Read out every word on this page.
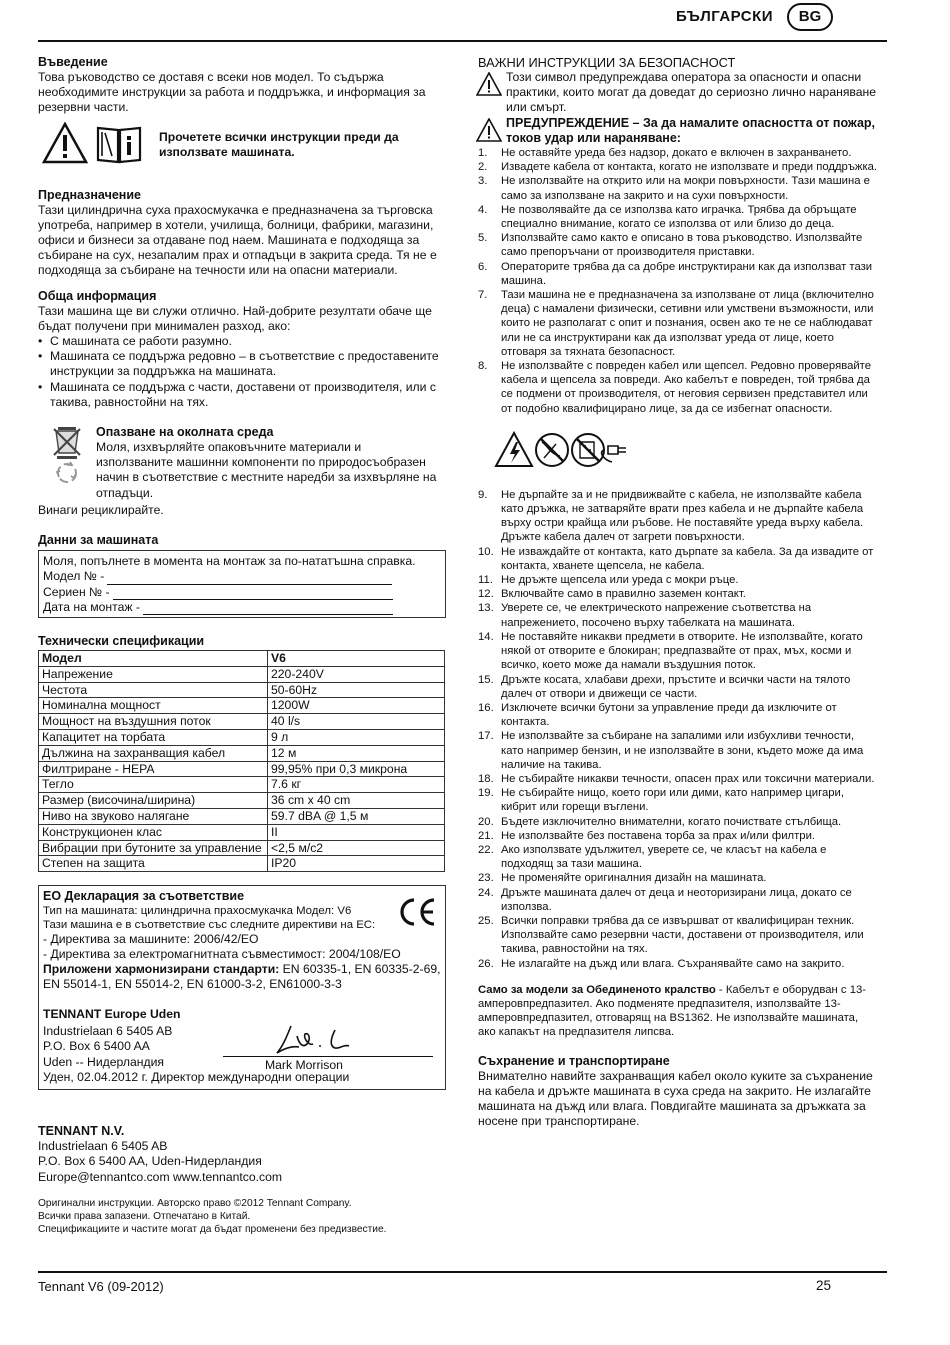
БЪЛГАРСКИ	BG
Въведение

Това ръководство се доставя с всеки нов модел. То съдържа необходимите инструкции за работа и поддръжка, и информация за резервни части.

Прочетете всички инструкции преди да използвате машината.
Предназначение

Тази цилиндрична суха прахосмукачка е предназначена за търговска употреба, например в хотели, училища, болници, фабрики, магазини, офиси и бизнеси за отдаване под наем. Машината е подходяща за събиране на сух, незапалим прах и отпадъци в закрита среда. Тя не е подходяща за събиране на течности или на опасни материали.

Обща информация

Тази машина ще ви служи отлично. Най-добрите резултати обаче ще бъдат получени при минимален разход, ако:

• С машината се работи разумно.
• Машината се поддържа редовно – в съответствие с предоставените инструкции за поддръжка на машината.
• Машината се поддържа с части, доставени от производителя, или с такива, равностойни на тях.
Опазване на околната среда

Моля, изхвърляйте опаковъчните материали и използваните машинни компоненти по природосъобразен начин в съответствие с местните наредби за изхвърляне на отпадъци.

Винаги рециклирайте.
Данни за машината
Моля, попълнете в момента на монтаж за по-нататъшна справка.
Модел № -
Сериен № -
Дата на монтаж -
Технически спецификации
Модел	V6
Напрежение	220-240V
Честота	50-60Hz
Номинална мощност	1200W
Мощност на въздушния поток	40 l/s
Капацитет на торбата	9 л
Дължина на захранващия кабел	12 м
Филтриране - HEPA	99,95% при 0,3 микрона
Тегло	7.6 кг
Размер (височина/ширина)	36 cm x 40 cm
Ниво на звуково налягане	59.7 dBA @ 1,5 м
Конструкционен клас	II
Вибрации при бутоните за управление	<2,5 м/с2
Степен на защита	IP20
ЕО Декларация за съответствие
Тип на машината: цилиндрична прахосмукачка Модел: V6
Тази машина е в съответствие със следните директиви на ЕС:
- Директива за машините: 2006/42/ЕО
- Директива за електромагнитната съвместимост: 2004/108/ЕО
Приложени хармонизирани стандарти: EN 60335-1, EN 60335-2-69,
EN 55014-1, EN 55014-2, EN 61000-3-2, EN61000-3-3
TENNANT Europe Uden
Industrielaan 6 5405 AB
P.O. Box 6 5400 AA
Uden -- Нидерландия	Mark Morrison
Уден, 02.04.2012 г. Директор международни операции
TENNANT N.V.

Industrielaan 6 5405 AB

P.O. Box 6 5400 AA, Uden-Нидерландия

Europe@tennantco.com www.tennantco.com

Оригинални инструкции. Авторско право ©2012 Tennant Company.
Всички права запазени. Отпечатано в Китай.
Спецификациите и частите могат да бъдат променени без предизвестие.
ВАЖНИ ИНСТРУКЦИИ ЗА БЕЗОПАСНОСТ
Този символ предупреждава оператора за опасности и опасни практики, които могат да доведат до сериозно лично нараняване или смърт.
ПРЕДУПРЕЖДЕНИЕ – За да намалите опасността от пожар, токов удар или нараняване:
1. Не оставяйте уреда без надзор, докато е включен в захранването.
2. Извадете кабела от контакта, когато не използвате и преди поддръжка.
3. Не използвайте на открито или на мокри повърхности. Тази машина е само за използване на закрито и на сухи повърхности.
4. Не позволявайте да се използва като играчка. Трябва да обръщате специално внимание, когато се използва от или близо до деца.
5. Използвайте само както е описано в това ръководство. Използвайте само препоръчани от производителя приставки.
6. Операторите трябва да са добре инструктирани как да използват тази машина.
7. Тази машина не е предназначена за използване от лица (включително деца) с намалени физически, сетивни или умствени възможности, или които не разполагат с опит и познания, освен ако те не се наблюдават или не са инструктирани как да използват уреда от лице, което отговаря за тяхната безопасност.
8. Не използвайте с повреден кабел или щепсел. Редовно проверявайте кабела и щепсела за повреди. Ако кабелът е повреден, той трябва да се подмени от производителя, от неговия сервизен представител или от подобно квалифицирано лице, за да се избегнат опасности.
9. Не дърпайте за и не придвижвайте с кабела, не използвайте кабела като дръжка, не затваряйте врати през кабела и не дърпайте кабела върху остри крайща или ръбове. Не поставяйте уреда върху кабела. Дръжте кабела далеч от загрети повърхности.
10. Не изваждайте от контакта, като дърпате за кабела. За да извадите от контакта, хванете щепсела, не кабела.
11. Не дръжте щепсела или уреда с мокри ръце.
12. Включвайте само в правилно заземен контакт.
13. Уверете се, че електрическото напрежение съответства на напрежението, посочено върху табелката на машината.
14. Не поставяйте никакви предмети в отворите. Не използвайте, когато някой от отворите е блокиран; предпазвайте от прах, мъх, косми и всичко, което може да намали въздушния поток.
15. Дръжте косата, хлабави дрехи, пръстите и всички части на тялото далеч от отвори и движещи се части.
16. Изключете всички бутони за управление преди да изключите от контакта.
17. Не използвайте за събиране на запалими или избухливи течности, като например бензин, и не използвайте в зони, където може да има наличие на такива.
18. Не събирайте никакви течности, опасен прах или токсични материали.
19. Не събирайте нищо, което гори или дими, като например цигари, кибрит или горещи въглени.
20. Бъдете изключително внимателни, когато почиствате стълбища.
21. Не използвайте без поставена торба за прах и/или филтри.
22. Ако използвате удължител, уверете се, че класът на кабела е подходящ за тази машина.
23. Не променяйте оригиналния дизайн на машината.
24. Дръжте машината далеч от деца и неоторизирани лица, докато се използва.
25. Всички поправки трябва да се извършват от квалифициран техник. Използвайте само резервни части, доставени от производителя, или такива, равностойни на тях.
26. Не излагайте на дъжд или влага. Съхранявайте само на закрито.
Само за модели за Обединеното кралство - Кабелът е оборудван с 13-амперовпредпазител. Ако подменяте предпазителя, използвайте 13-амперовпредпазител, отговарящ на BS1362. Не използвайте машината, ако капакът на предпазителя липсва.
Съхранение и транспортиране

Внимателно навийте захранващия кабел около куките за съхранение на кабела и дръжте машината в суха среда на закрито. Не излагайте машината на дъжд или влага. Повдигайте машината за дръжката за носене при транспортиране.

Tennant V6 (09-2012)	25
